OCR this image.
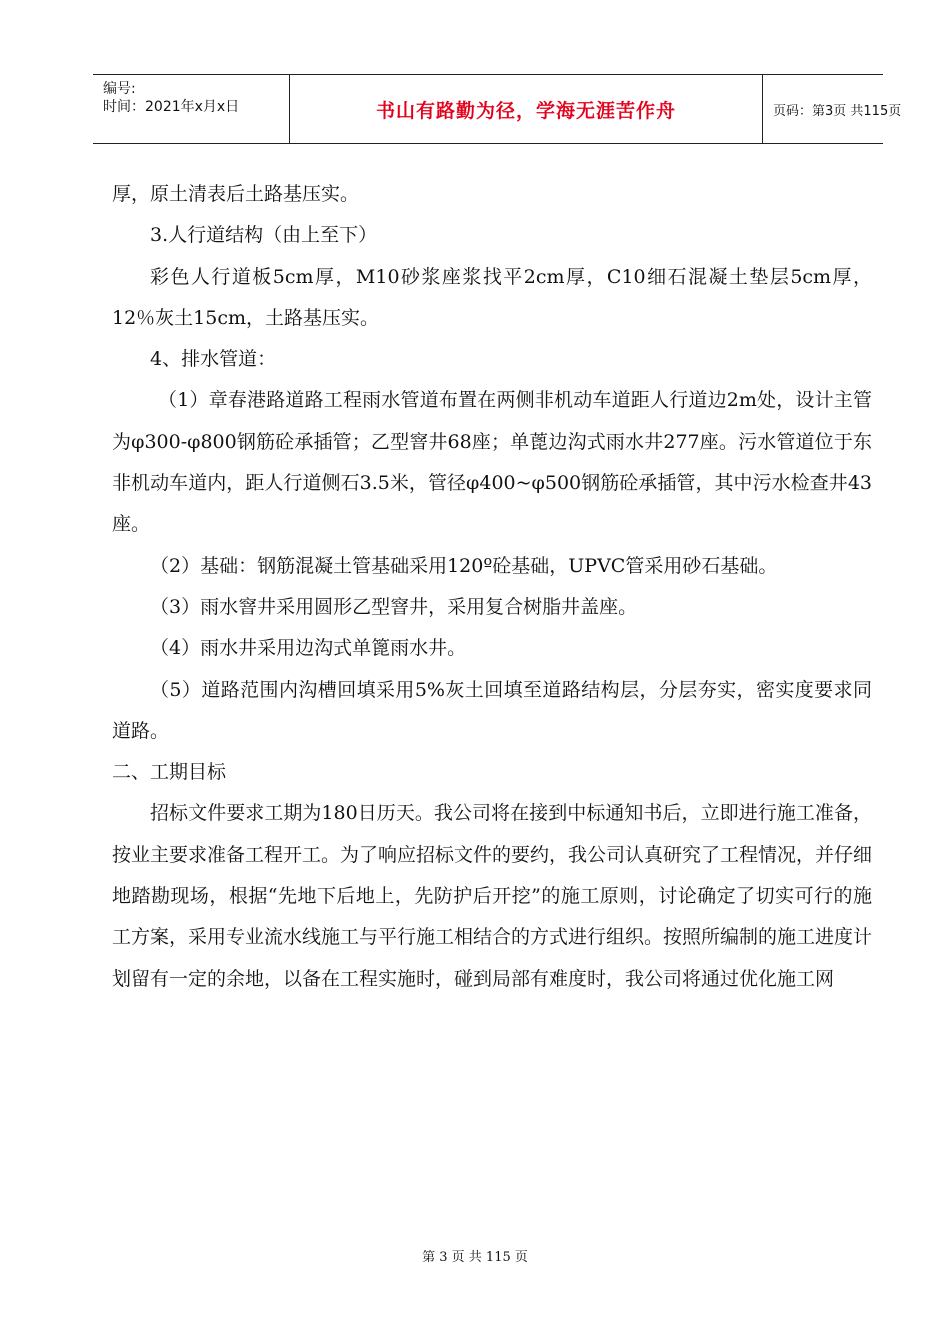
编号:
时间：2021年x月x日	书山有路勤为径，学海无涯苦作舟	页码：第3页 共115页

厚，原土清表后土路基压实。

3.人行道结构（由上至下）

彩色人行道板5cm厚，M10砂浆座浆找平2cm厚，C10细石混凝土垫层5cm厚，12％灰土15cm，土路基压实。

4、排水管道：

（1）章春港路道路工程雨水管道布置在两侧非机动车道距人行道边2m处，设计主管为φ300-φ800钢筋砼承插管；乙型窨井68座；单蓖边沟式雨水井277座。污水管道位于东非机动车道内，距人行道侧石3.5米，管径φ400~φ500钢筋砼承插管，其中污水检查井43座。

（2）基础：钢筋混凝土管基础采用120º砼基础，UPVC管采用砂石基础。

（3）雨水窨井采用圆形乙型窨井，采用复合树脂井盖座。

（4）雨水井采用边沟式单篦雨水井。

（5）道路范围内沟槽回填采用5%灰土回填至道路结构层，分层夯实，密实度要求同道路。

二、工期目标

招标文件要求工期为180日历天。我公司将在接到中标通知书后，立即进行施工准备，按业主要求准备工程开工。为了响应招标文件的要约，我公司认真研究了工程情况，并仔细地踏勘现场，根据“先地下后地上，先防护后开挖”的施工原则，讨论确定了切实可行的施工方案，采用专业流水线施工与平行施工相结合的方式进行组织。按照所编制的施工进度计划留有一定的余地，以备在工程实施时，碰到局部有难度时，我公司将通过优化施工网

第 3 页 共 115 页
